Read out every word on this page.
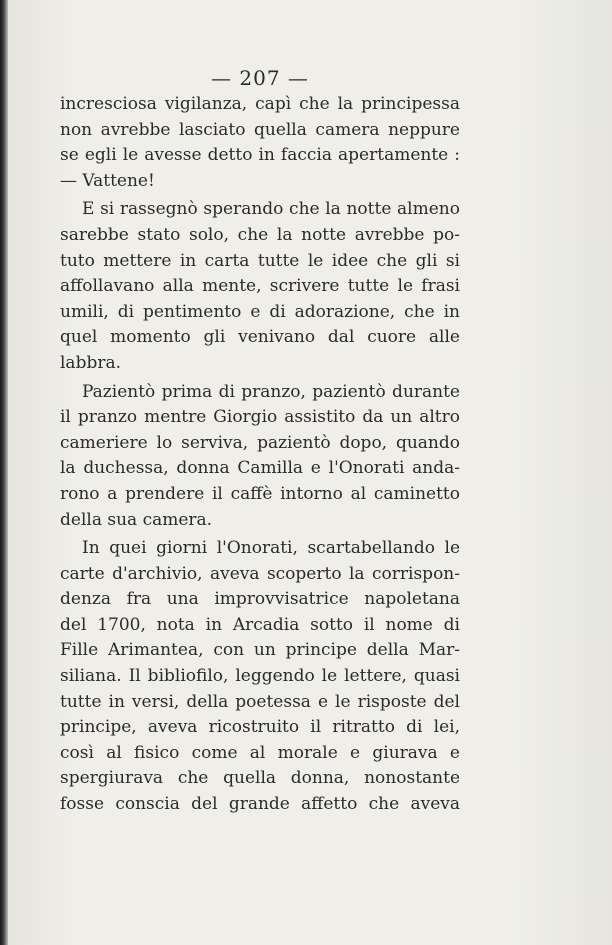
— 207 —
incresciosa vigilanza, capì che la principessa
non avrebbe lasciato quella camera neppure
se egli le avesse detto in faccia apertamente :
— Vattene!
E si rassegnò sperando che la notte almeno
sarebbe stato solo, che la notte avrebbe po-
tuto mettere in carta tutte le idee che gli si
affollavano alla mente, scrivere tutte le frasi
umili, di pentimento e di adorazione, che in
quel momento gli venivano dal cuore alle
labbra.
Pazientò prima di pranzo, pazientò durante
il pranzo mentre Giorgio assistito da un altro
cameriere lo serviva, pazientò dopo, quando
la duchessa, donna Camilla e l'Onorati anda-
rono a prendere il caffè intorno al caminetto
della sua camera.
In quei giorni l'Onorati, scartabellando le
carte d'archivio, aveva scoperto la corrispon-
denza fra una improvvisatrice napoletana
del 1700, nota in Arcadia sotto il nome di
Fille Arimantea, con un principe della Mar-
siliana. Il bibliofilo, leggendo le lettere, quasi
tutte in versi, della poetessa e le risposte del
principe, aveva ricostruito il ritratto di lei,
così al fisico come al morale e giurava e
spergiurava che quella donna, nonostante
fosse conscia del grande affetto che aveva
